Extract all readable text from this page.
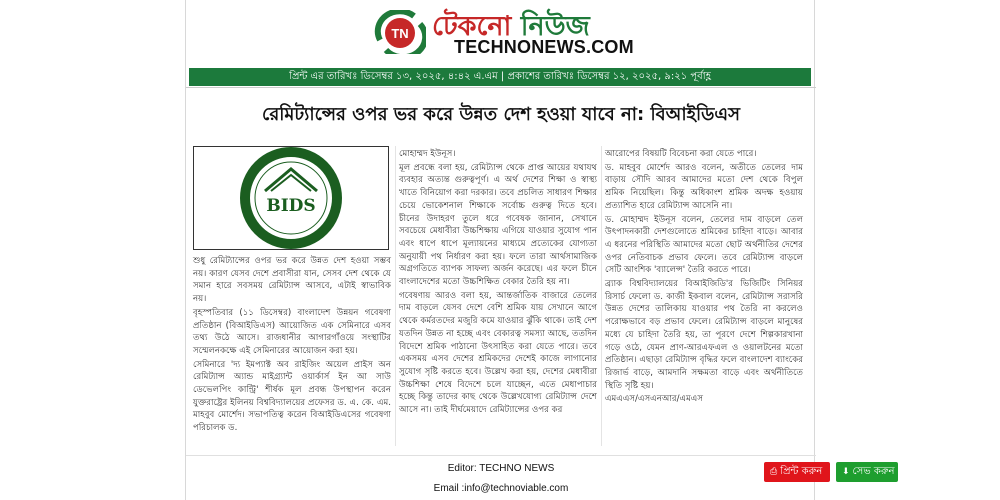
TN টেকনো নিউজ
TECHNONEWS.COM
প্রিন্ট এর তারিখঃ ডিসেম্বর ১৩, ২০২৫, ৪:৪২ এ.এম | প্রকাশের তারিখঃ ডিসেম্বর ১২, ২০২৫, ৯:২১ পূর্বাহ্ণ
রেমিট্যান্সের ওপর ভর করে উন্নত দেশ হওয়া যাবে না: বিআইডিএস
BIDS

শুধু রেমিট্যান্সের ওপর ভর করে উন্নত দেশ হওয়া সম্ভব নয়। কারণ যেসব দেশে প্রবাসীরা যান, সেসব দেশ থেকে যে সমান হারে সবসময় রেমিট্যান্স আসবে, এটাই স্বাভাবিক নয়।

বৃহস্পতিবার (১১ ডিসেম্বর) বাংলাদেশ উন্নয়ন গবেষণা প্রতিষ্ঠান (বিআইডিএস) আয়োজিত এক সেমিনারে এসব তথ্য উঠে আসে। রাজধানীর আগারগাঁওয়ে সংস্থাটির সম্মেলনকক্ষে এই সেমিনারের আয়োজন করা হয়।

সেমিনারে 'দ্য ইমপ্যাক্ট অব রাইজিং অয়েল প্রাইস অন রেমিট্যান্স অ্যান্ড মাইগ্র্যান্ট ওয়ার্কার্স ইন আ সাউ ডেভেলপিং কান্ট্রি' শীর্ষক মূল প্রবন্ধ উপস্থাপন করেন যুক্তরাষ্ট্রের ইলিনয় বিশ্ববিদ্যালয়ের প্রফেসর ড. এ. কে. এম. মাহবুব মোর্শেদ। সভাপতিত্ব করেন বিআইডিএসের গবেষণা পরিচালক ড.

মোহাম্মদ ইউনূস।

মূল প্রবন্ধে বলা হয়, রেমিট্যান্স থেকে প্রাপ্ত আয়ের যথাযথ ব্যবহার অত্যন্ত গুরুত্বপূর্ণ। এ অর্থ দেশের শিক্ষা ও স্বাস্থ্য খাতে বিনিয়োগ করা দরকার। তবে প্রচলিত সাধারণ শিক্ষার চেয়ে ভোকেশনাল শিক্ষাকে সর্বোচ্চ গুরুত্ব দিতে হবে। চীনের উদাহরণ তুলে ধরে গবেষক জানান, সেখানে সবচেয়ে মেধাবীরা উচ্চশিক্ষায় এগিয়ে যাওয়ার সুযোগ পান এবং ধাপে ধাপে মূল্যায়নের মাধ্যমে প্রত্যেকের যোগ্যতা অনুযায়ী পথ নির্ধারণ করা হয়। ফলে তারা আর্থসামাজিক অগ্রগতিতে ব্যাপক সাফল্য অর্জন করেছে। এর ফলে চীনে বাংলাদেশের মতো উচ্চশিক্ষিত বেকার তৈরি হয় না।

গবেষণায় আরও বলা হয়, আন্তর্জাতিক বাজারে তেলের দাম বাড়লে যেসব দেশে বেশি শ্রমিক যায় সেখানে আগে থেকে কর্মরতদের মজুরি কমে যাওয়ার ঝুঁকি থাকে। তাই দেশ যতদিন উন্নত না হচ্ছে এবং বেকারত্ব সমস্যা আছে, ততদিন বিদেশে শ্রমিক পাঠানো উৎসাহিত করা যেতে পারে। তবে একসময় এসব দেশের শ্রমিকদের দেশেই কাজে লাগানোর সুযোগ সৃষ্টি করতে হবে। উল্লেখ করা হয়, দেশের মেধাবীরা উচ্চশিক্ষা শেষে বিদেশে চলে যাচ্ছেন, এতে মেধাপাচার হচ্ছে কিন্তু তাদের কাছ থেকে উল্লেখযোগ্য রেমিট্যান্স দেশে আসে না। তাই দীর্ঘমেয়াদে রেমিট্যান্সের ওপর কর

আরোপের বিষয়টি বিবেচনা করা যেতে পারে।

ড. মাহবুব মোর্শেদ আরও বলেন, অতীতে তেলের দাম বাড়ায় সৌদি আরব আমাদের মতো দেশ থেকে বিপুল শ্রমিক নিয়েছিল। কিন্তু অধিকাংশ শ্রমিক অদক্ষ হওয়ায় প্রত্যাশিত হারে রেমিট্যান্স আসেনি না।

ড. মোহাম্মদ ইউনূস বলেন, তেলের দাম বাড়লে তেল উৎপাদনকারী দেশগুলোতে শ্রমিকের চাহিদা বাড়ে। আবার এ ধরনের পরিস্থিতি আমাদের মতো ছোট অর্থনীতির দেশের ওপর নেতিবাচক প্রভাব ফেলে। তবে রেমিট্যান্স বাড়লে সেটি আংশিক 'ব্যালেন্স' তৈরি করতে পারে।

ব্র্যাক বিশ্ববিদ্যালয়ের বিআইজিডি'র ভিজিটিং সিনিয়র রিসার্চ ফেলো ড. কাজী ইকবাল বলেন, রেমিট্যান্স সরাসরি উন্নত দেশের তালিকায় যাওয়ার পথ তৈরি না করলেও পরোক্ষভাবে বড় প্রভাব ফেলে। রেমিট্যান্স বাড়লে মানুষের মধ্যে যে চাহিদা তৈরি হয়, তা পূরণে দেশে শিল্পকারখানা গড়ে ওঠে, যেমন প্রাণ-আরএফএল ও ওয়ালটনের মতো প্রতিষ্ঠান। এছাড়া রেমিট্যান্স বৃদ্ধির ফলে বাংলাদেশ ব্যাংকের রিজার্ভ বাড়ে, আমদানি সক্ষমতা বাড়ে এবং অর্থনীতিতে স্থিতি সৃষ্টি হয়।

এমএএস/এসএনআর/এমএস

Editor: TECHNO NEWS
Email :info@technoviable.com
⎙ প্রিন্ট করুন	⬇ সেভ করুন
